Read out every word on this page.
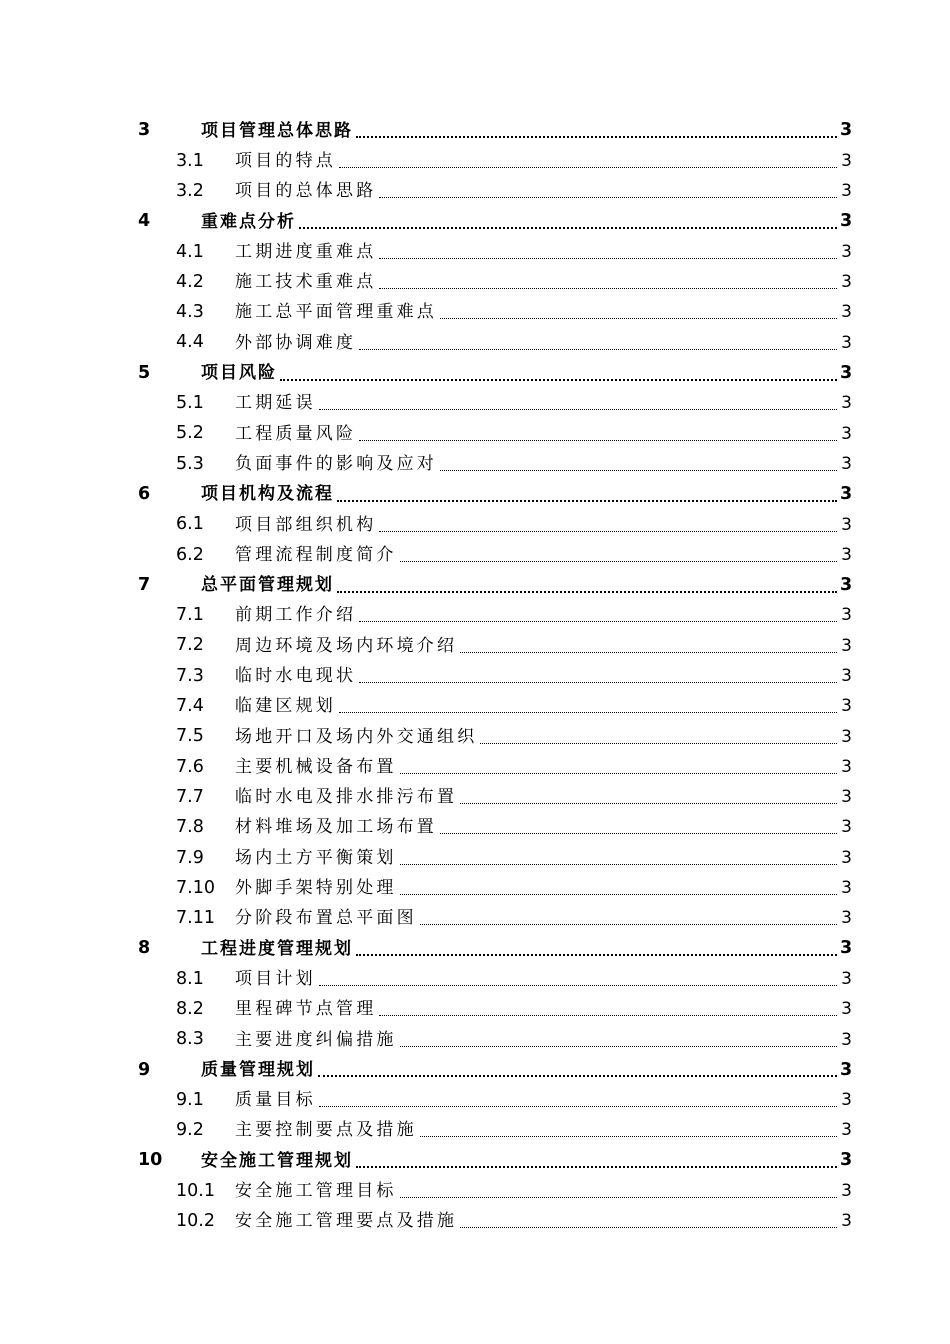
3	项目管理总体思路	3
3.1	项目的特点	3
3.2	项目的总体思路	3
4	重难点分析	3
4.1	工期进度重难点	3
4.2	施工技术重难点	3
4.3	施工总平面管理重难点	3
4.4	外部协调难度	3
5	项目风险	3
5.1	工期延误	3
5.2	工程质量风险	3
5.3	负面事件的影响及应对	3
6	项目机构及流程	3
6.1	项目部组织机构	3
6.2	管理流程制度简介	3
7	总平面管理规划	3
7.1	前期工作介绍	3
7.2	周边环境及场内环境介绍	3
7.3	临时水电现状	3
7.4	临建区规划	3
7.5	场地开口及场内外交通组织	3
7.6	主要机械设备布置	3
7.7	临时水电及排水排污布置	3
7.8	材料堆场及加工场布置	3
7.9	场内土方平衡策划	3
7.10	外脚手架特别处理	3
7.11	分阶段布置总平面图	3
8	工程进度管理规划	3
8.1	项目计划	3
8.2	里程碑节点管理	3
8.3	主要进度纠偏措施	3
9	质量管理规划	3
9.1	质量目标	3
9.2	主要控制要点及措施	3
10	安全施工管理规划	3
10.1	安全施工管理目标	3
10.2	安全施工管理要点及措施	3
